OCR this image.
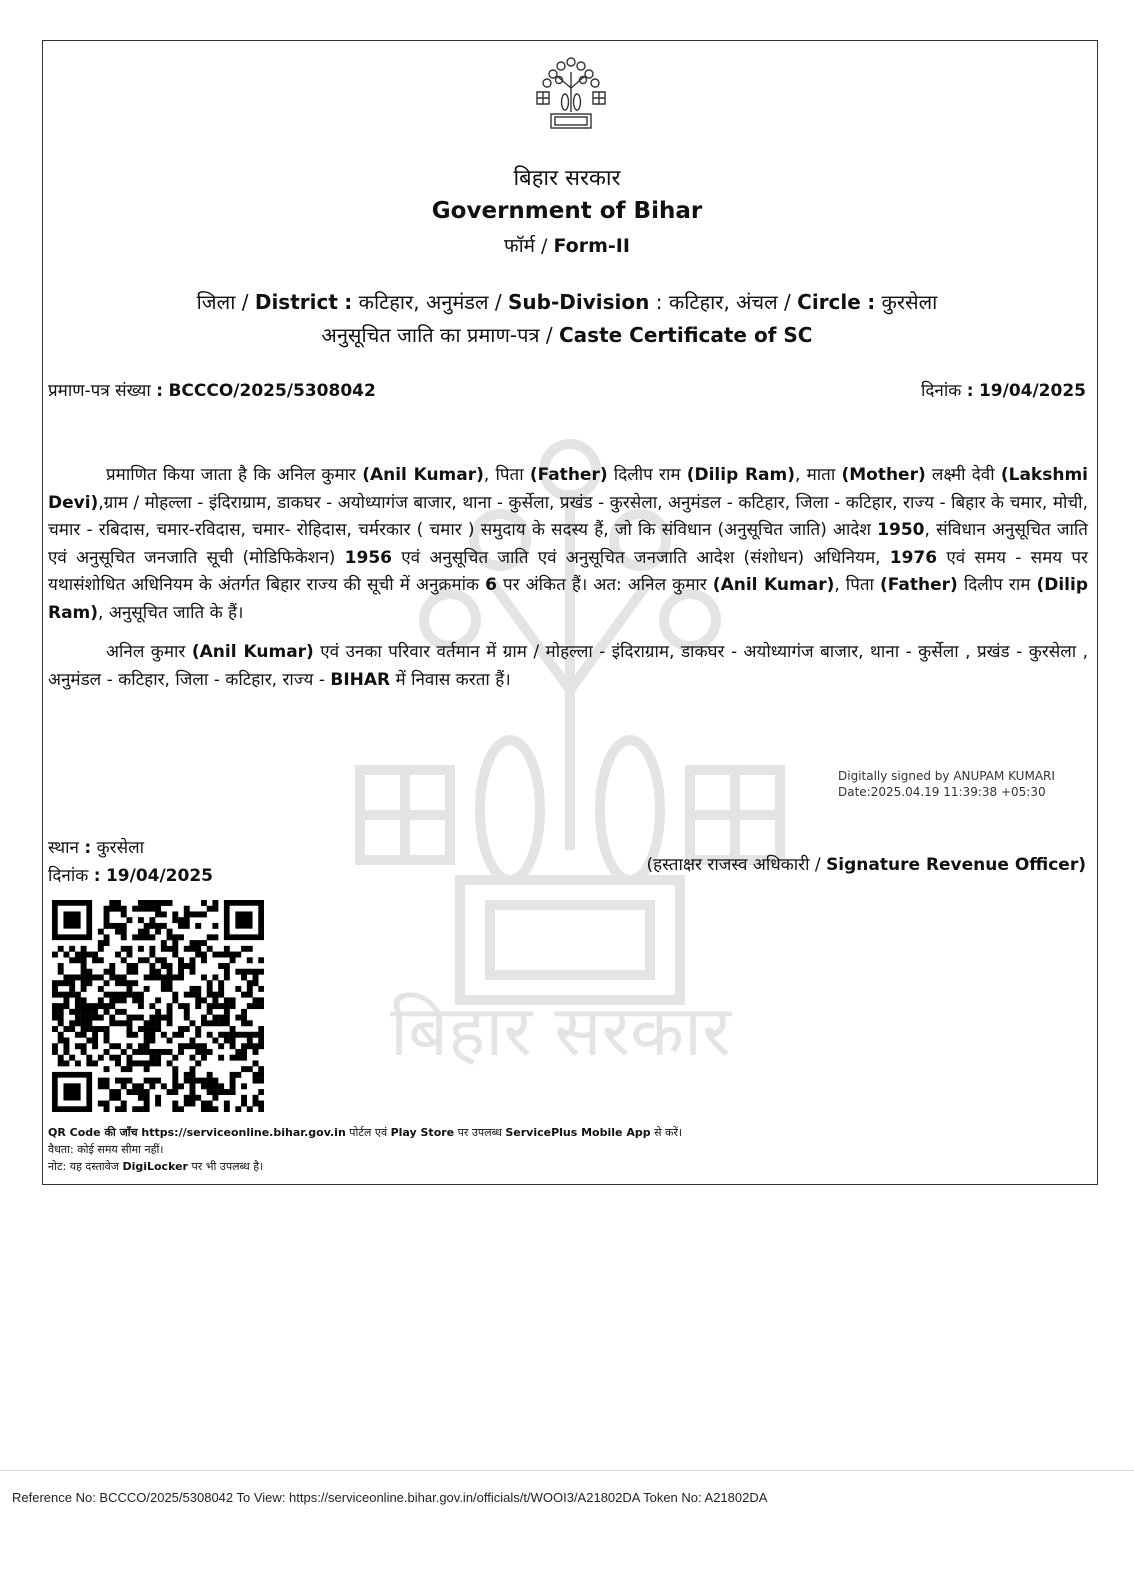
बिहार सरकार
बिहार सरकार
Government of Bihar
फॉर्म / Form-II
जिला / District : कटिहार, अनुमंडल / Sub-Division : कटिहार, अंचल / Circle : कुरसेला
अनुसूचित जाति का प्रमाण-पत्र / Caste Certificate of SC
प्रमाण-पत्र संख्या : BCCCO/2025/5308042	दिनांक : 19/04/2025

प्रमाणित किया जाता है कि अनिल कुमार (Anil Kumar), पिता (Father) दिलीप राम (Dilip Ram), माता (Mother) लक्ष्मी देवी (Lakshmi Devi),ग्राम / मोहल्ला - इंदिराग्राम, डाकघर - अयोध्यागंज बाजार, थाना - कुर्सेला, प्रखंड - कुरसेला, अनुमंडल - कटिहार, जिला - कटिहार, राज्य - बिहार के चमार, मोची, चमार - रबिदास, चमार-रविदास, चमार- रोहिदास, चर्मरकार ( चमार ) समुदाय के सदस्य हैं, जो कि संविधान (अनुसूचित जाति) आदेश 1950, संविधान अनुसूचित जाति एवं अनुसूचित जनजाति सूची (मोडिफिकेशन) 1956 एवं अनुसूचित जाति एवं अनुसूचित जनजाति आदेश (संशोधन) अधिनियम, 1976 एवं समय - समय पर यथासंशोधित अधिनियम के अंतर्गत बिहार राज्य की सूची में अनुक्रमांक 6 पर अंकित हैं। अत: अनिल कुमार (Anil Kumar), पिता (Father) दिलीप राम (Dilip Ram), अनुसूचित जाति के हैं।

अनिल कुमार (Anil Kumar) एवं उनका परिवार वर्तमान में ग्राम / मोहल्ला - इंदिराग्राम, डाकघर - अयोध्यागंज बाजार, थाना - कुर्सेला , प्रखंड - कुरसेला , अनुमंडल - कटिहार, जिला - कटिहार, राज्य - BIHAR में निवास करता हैं।

Digitally signed by ANUPAM KUMARI
Date:2025.04.19 11:39:38 +05:30
स्थान : कुरसेला
दिनांक : 19/04/2025
(हस्ताक्षर राजस्व अधिकारी / Signature Revenue Officer)
QR Code की जाँच https://serviceonline.bihar.gov.in पोर्टल एवं Play Store पर उपलब्ध ServicePlus Mobile App से करें।
वैधता: कोई समय सीमा नहीं।
नोट: यह दस्तावेज DigiLocker पर भी उपलब्ध है।
Reference No: BCCCO/2025/5308042 To View: https://serviceonline.bihar.gov.in/officials/t/WOOI3/A21802DA Token No: A21802DA
